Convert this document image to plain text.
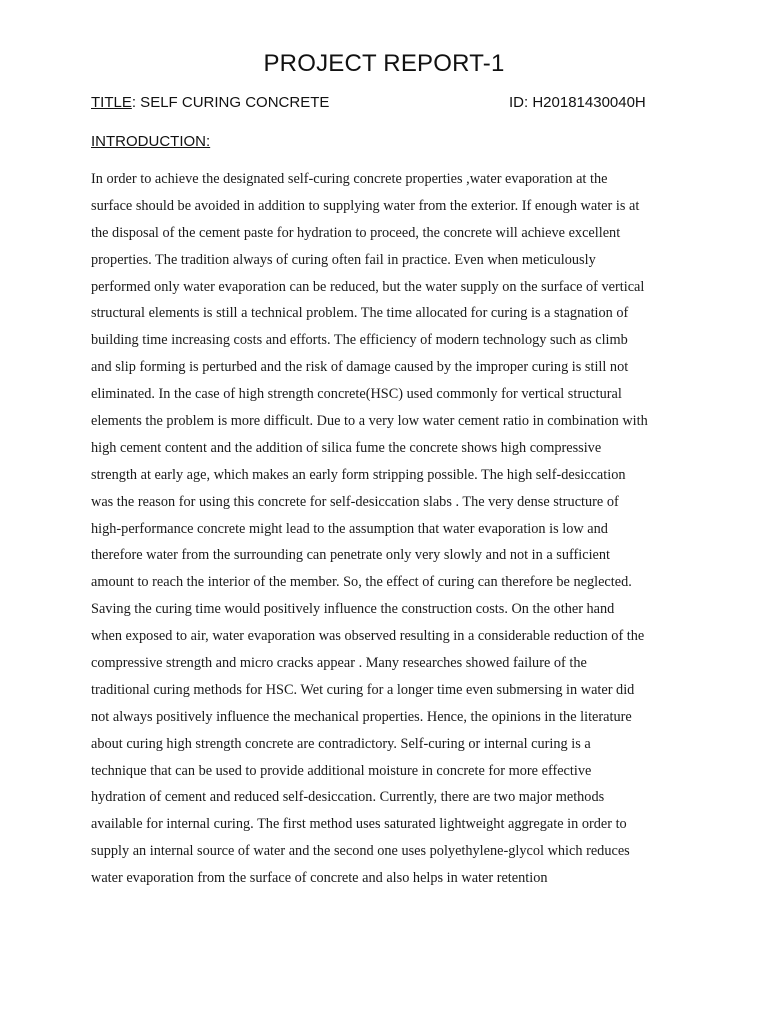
PROJECT REPORT-1
TITLE: SELF CURING CONCRETE	ID: H20181430040H
INTRODUCTION:
In order to achieve the designated self-curing concrete properties ,water evaporation at the
surface should be avoided in addition to supplying water from the exterior. If enough water is at
the disposal of the cement paste for hydration to proceed, the concrete will achieve excellent
properties. The tradition always of curing often fail in practice. Even when meticulously
performed only water evaporation can be reduced, but the water supply on the surface of vertical
structural elements is still a technical problem. The time allocated for curing is a stagnation of
building time increasing costs and efforts. The efficiency of modern technology such as climb
and slip forming is perturbed and the risk of damage caused by the improper curing is still not
eliminated. In the case of high strength concrete(HSC) used commonly for vertical structural
elements the problem is more difficult. Due to a very low water cement ratio in combination with
high cement content and the addition of silica fume the concrete shows high compressive
strength at early age, which makes an early form stripping possible. The high self-desiccation
was the reason for using this concrete for self-desiccation slabs . The very dense structure of
high-performance concrete might lead to the assumption that water evaporation is low and
therefore water from the surrounding can penetrate only very slowly and not in a sufficient
amount to reach the interior of the member. So, the effect of curing can therefore be neglected.
Saving the curing time would positively influence the construction costs. On the other hand
when exposed to air, water evaporation was observed resulting in a considerable reduction of the
compressive strength and micro cracks appear . Many researches showed failure of the
traditional curing methods for HSC. Wet curing for a longer time even submersing in water did
not always positively influence the mechanical properties. Hence, the opinions in the literature
about curing high strength concrete are contradictory. Self-curing or internal curing is a
technique that can be used to provide additional moisture in concrete for more effective
hydration of cement and reduced self-desiccation. Currently, there are two major methods
available for internal curing. The first method uses saturated lightweight aggregate in order to
supply an internal source of water and the second one uses polyethylene-glycol which reduces
water evaporation from the surface of concrete and also helps in water retention
